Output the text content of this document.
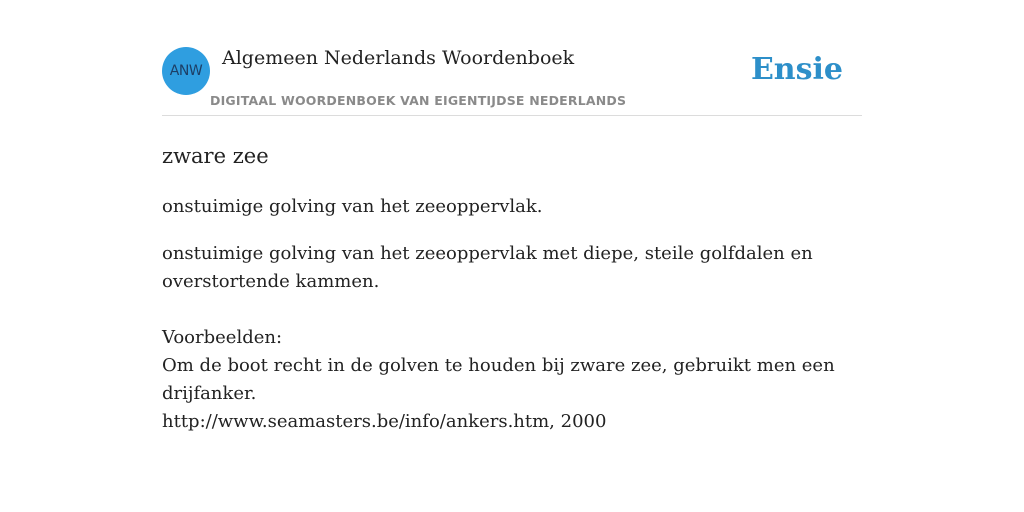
ANW
Algemeen Nederlands Woordenboek
DIGITAAL WOORDENBOEK VAN EIGENTIJDSE NEDERLANDS
Ensie
zware zee

onstuimige golving van het zeeoppervlak.

onstuimige golving van het zeeoppervlak met diepe, steile golfdalen en overstortende kammen.

Voorbeelden:
Om de boot recht in de golven te houden bij zware zee, gebruikt men een drijfanker.
http://www.seamasters.be/info/ankers.htm, 2000
